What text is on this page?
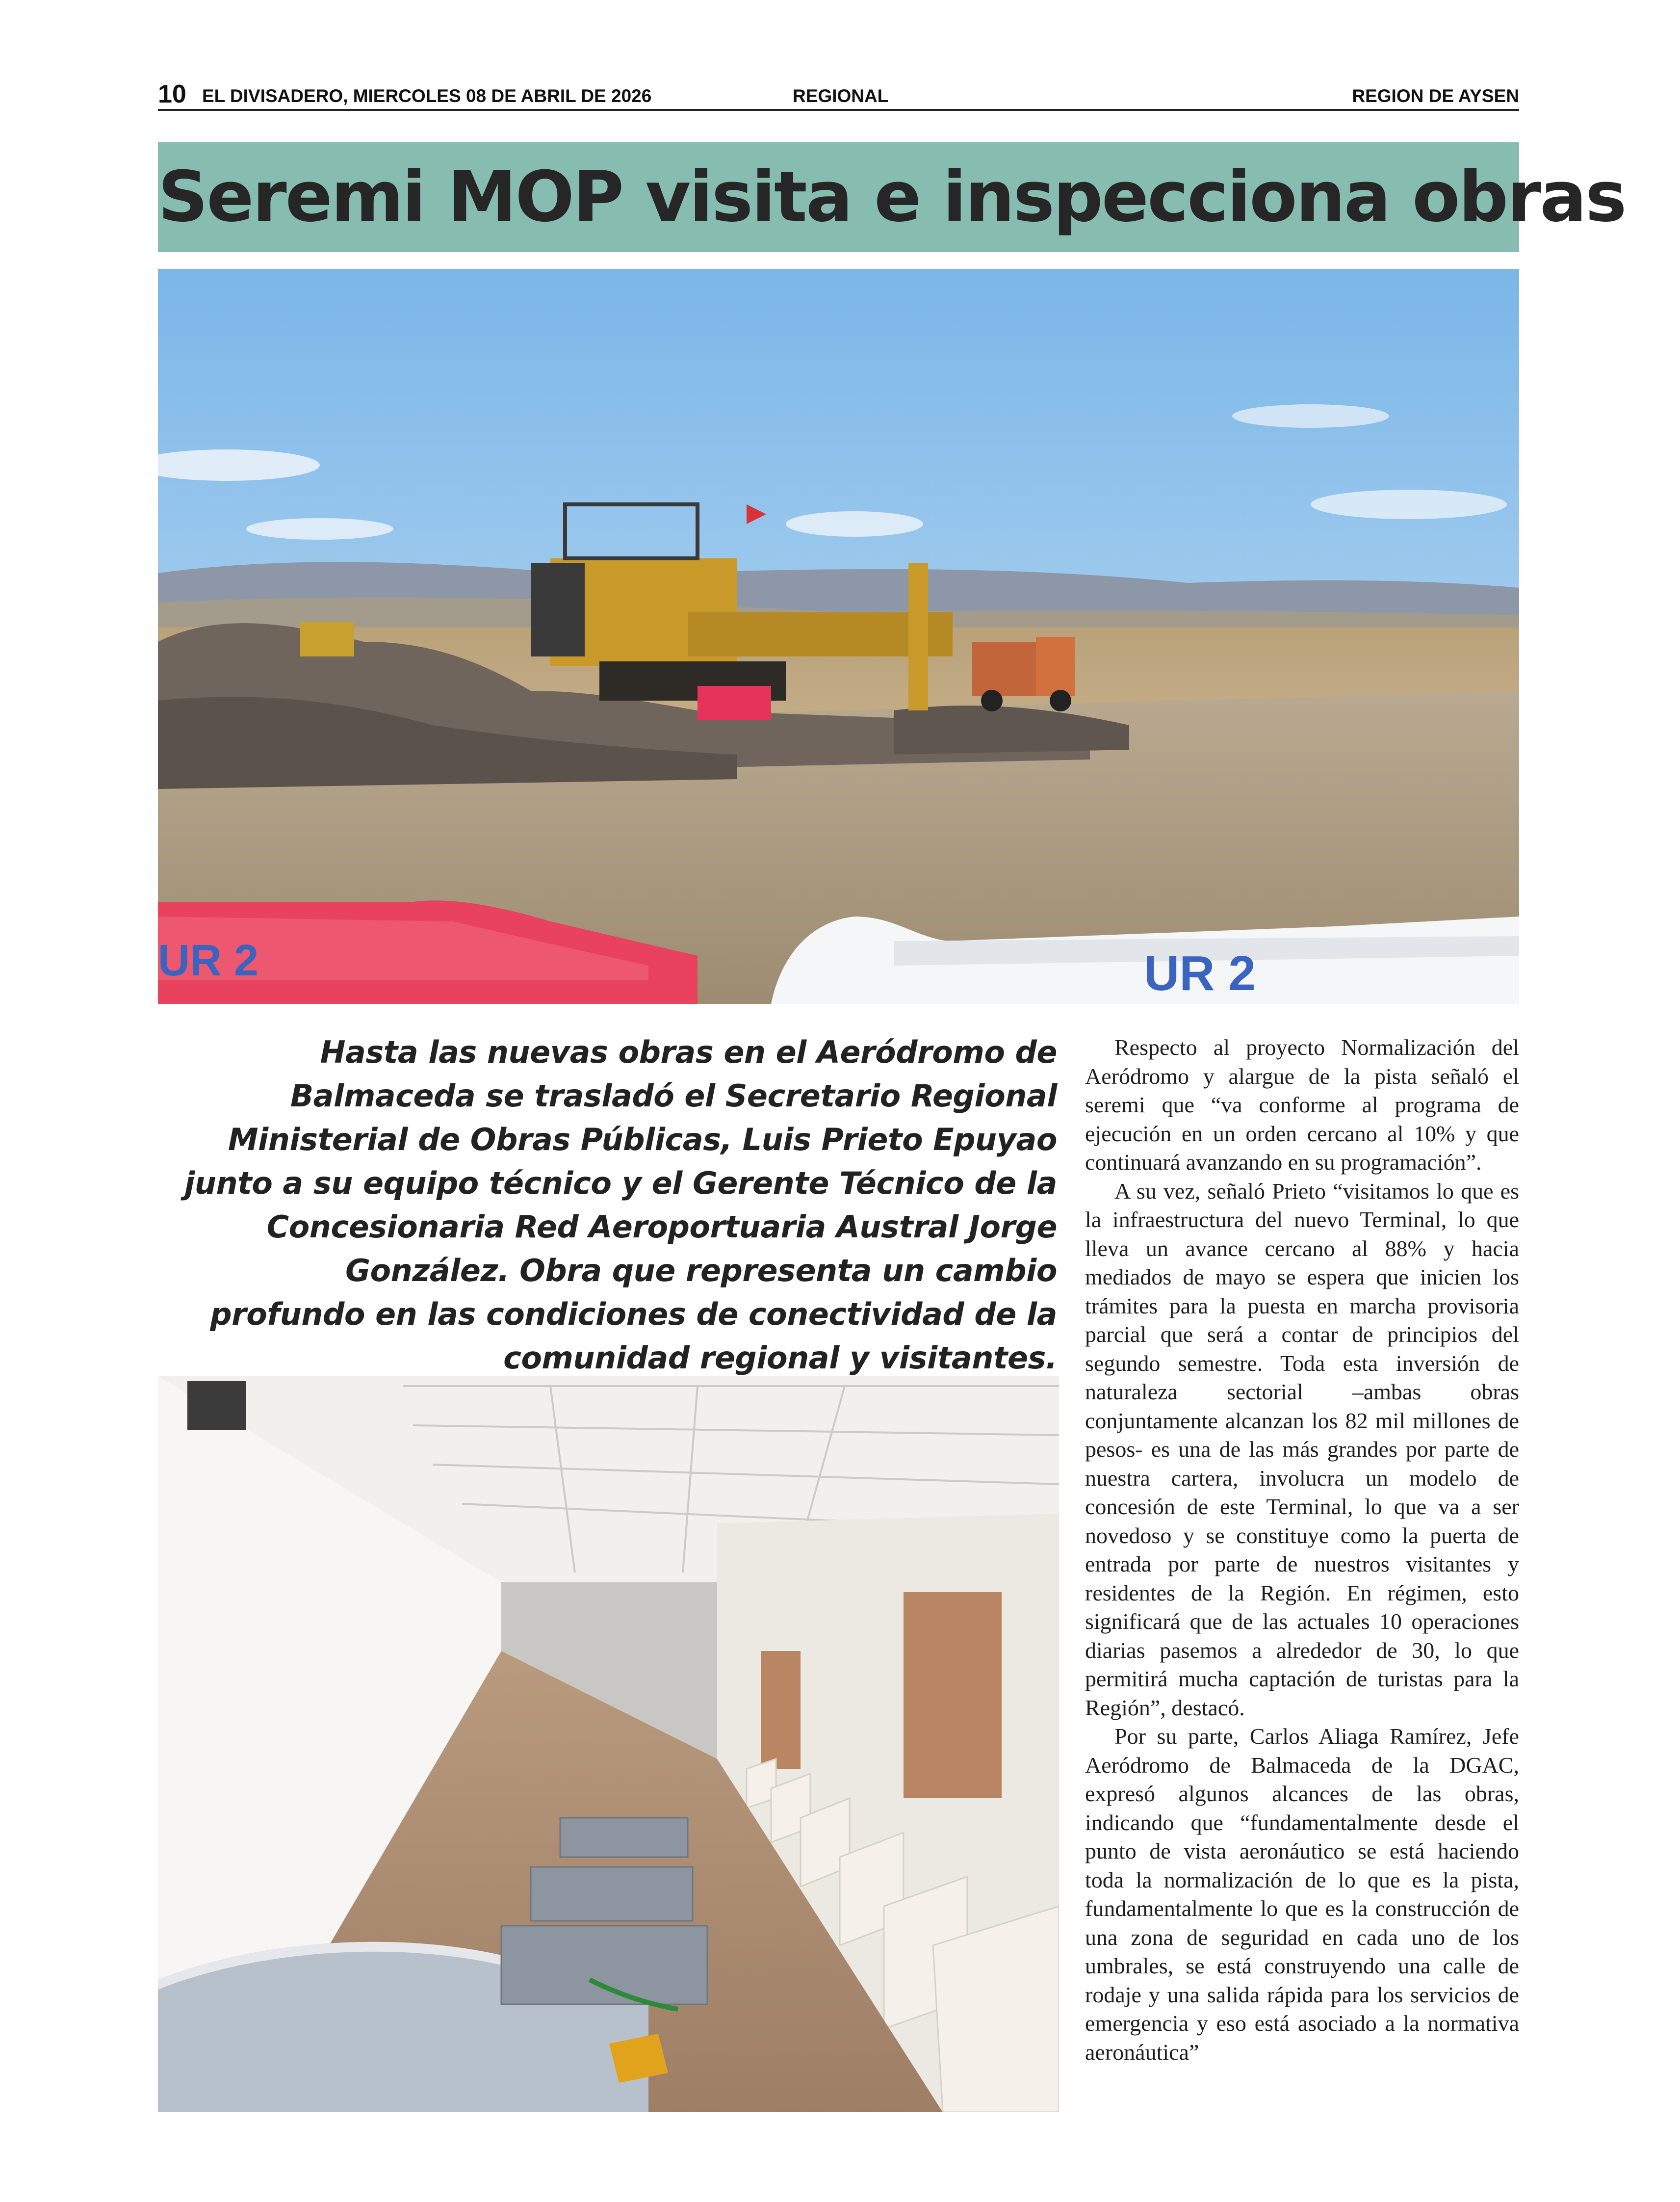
10 EL DIVISADERO, MIERCOLES 08 DE ABRIL DE 2026	REGIONAL	REGION DE AYSEN
Seremi MOP visita e inspecciona obras
UR 2	UR 2
Hasta las nuevas obras en el Aeródromo de Balmaceda se trasladó el Secretario Regional Ministerial de Obras Públicas, Luis Prieto Epuyao junto a su equipo técnico y el Gerente Técnico de la Concesionaria Red Aeroportuaria Austral Jorge González. Obra que representa un cambio profundo en las condiciones de conectividad de la comunidad regional y visitantes.

Respecto al proyecto Normalización del Aeródromo y alargue de la pista señaló el seremi que “va conforme al programa de ejecución en un orden cercano al 10% y que continuará avanzando en su programación”.

A su vez, señaló Prieto “visitamos lo que es la infraestructura del nuevo Terminal, lo que lleva un avance cercano al 88% y hacia mediados de mayo se espera que inicien los trámites para la puesta en marcha provisoria parcial que será a contar de principios del segundo semestre. Toda esta inversión de naturaleza sectorial –ambas obras conjuntamente alcanzan los 82 mil millones de pesos- es una de las más grandes por parte de nuestra cartera, involucra un modelo de concesión de este Terminal, lo que va a ser novedoso y se constituye como la puerta de entrada por parte de nuestros visitantes y residentes de la Región. En régimen, esto significará que de las actuales 10 operaciones diarias pasemos a alrededor de 30, lo que permitirá mucha captación de turistas para la Región”, destacó.

Por su parte, Carlos Aliaga Ramírez, Jefe Aeródromo de Balmaceda de la DGAC, expresó algunos alcances de las obras, indicando que “fundamentalmente desde el punto de vista aeronáutico se está haciendo toda la normalización de lo que es la pista, fundamentalmente lo que es la construcción de una zona de seguridad en cada uno de los umbrales, se está construyendo una calle de rodaje y una salida rápida para los servicios de emergencia y eso está asociado a la normativa aeronáutica”
